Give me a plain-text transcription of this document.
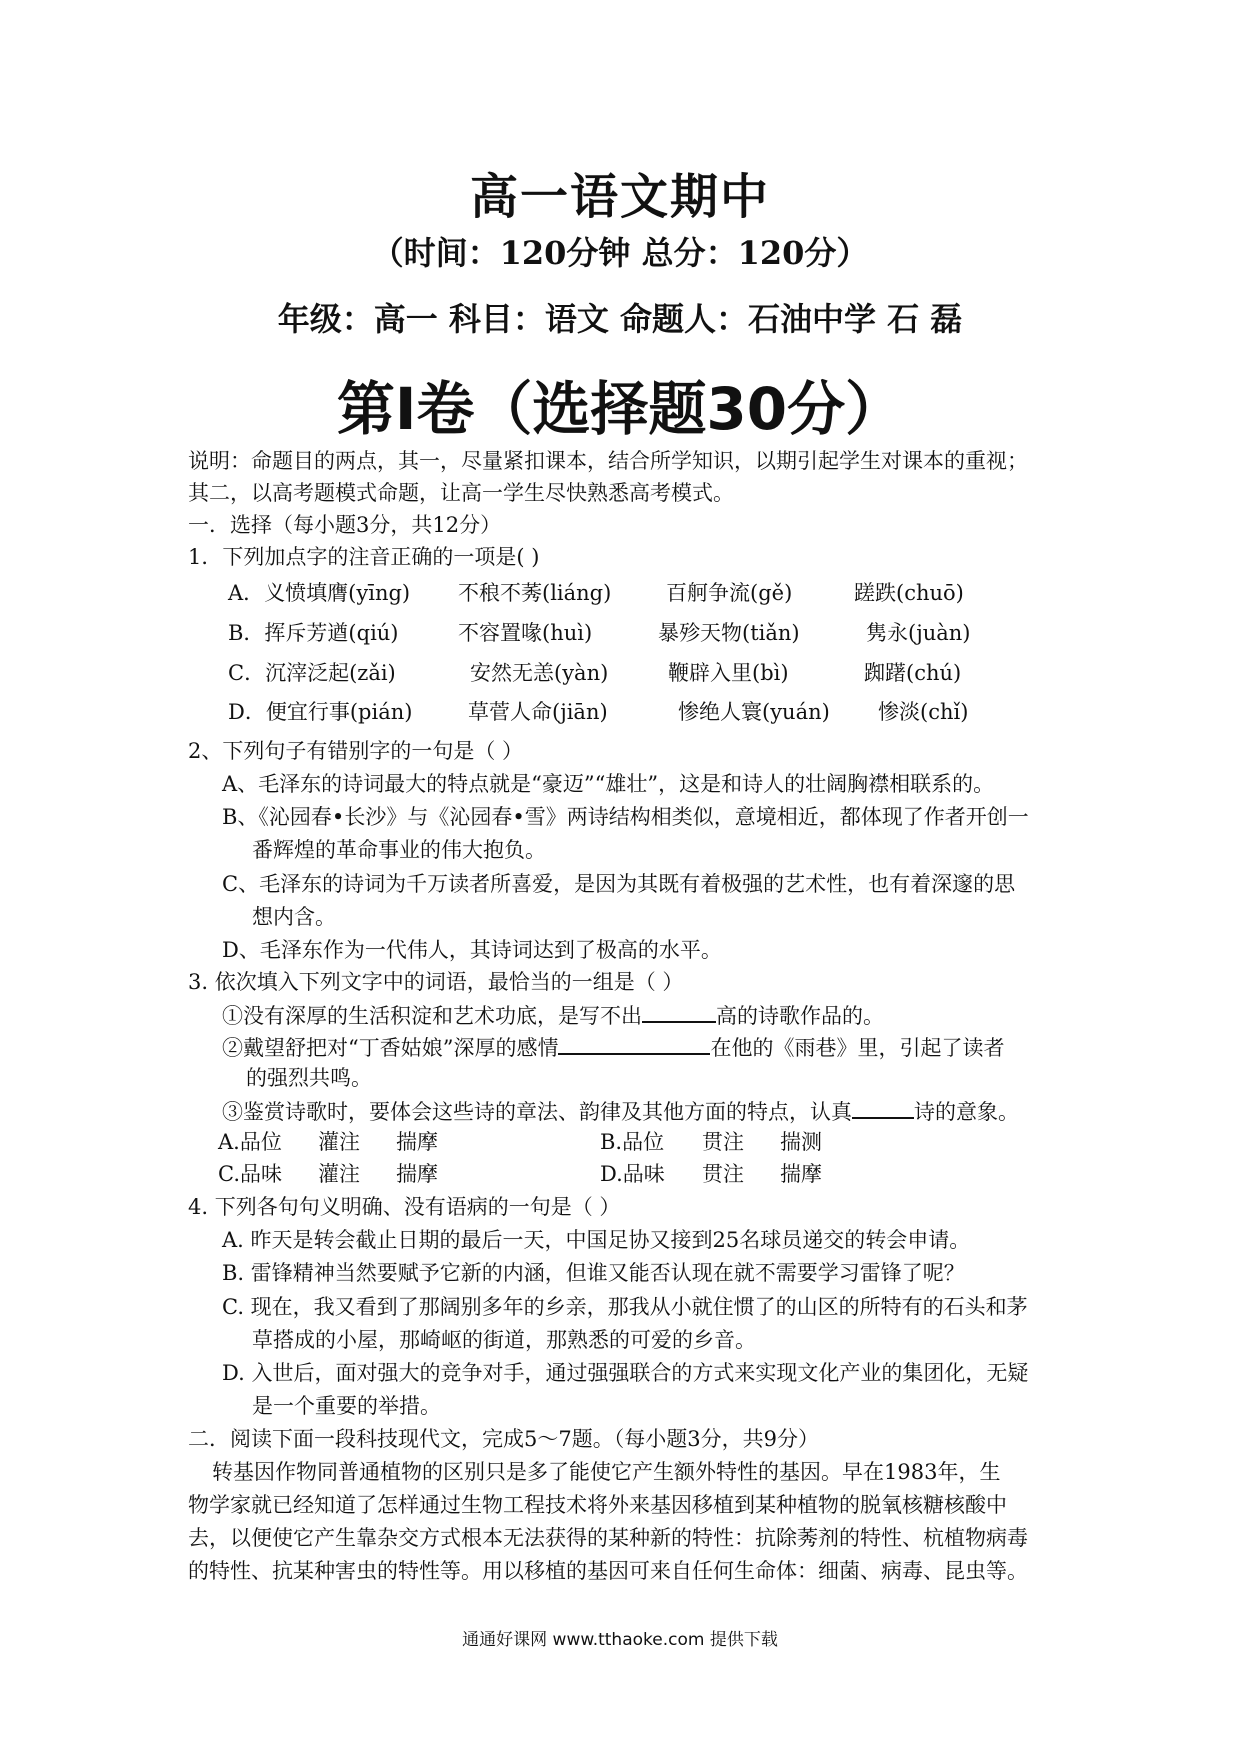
高一语文期中
（时间：120分钟 总分：120分）
年级：高一 科目：语文 命题人：石油中学 石 磊
第Ⅰ卷（选择题30分）
说明：命题目的两点，其一，尽量紧扣课本，结合所学知识，以期引起学生对课本的重视；
其二，以高考题模式命题，让高一学生尽快熟悉高考模式。
一．选择（每小题3分，共12分）
1．下列加点字的注音正确的一项是( )
A．义愤填膺(yīng) 不稂不莠(liáng)	百舸争流(gě)	蹉跌(chuō)
B．挥斥芳遒(qiú)	不容置喙(huì)	暴殄天物(tiǎn)	隽永(juàn)
C．沉滓泛起(zǎi)	安然无恙(yàn)	鞭辟入里(bì)	踟躇(chú)
D．便宜行事(pián)	草菅人命(jiān)	惨绝人寰(yuán) 惨淡(chǐ)
2、下列句子有错别字的一句是（ ）
A、毛泽东的诗词最大的特点就是“豪迈”“雄壮”，这是和诗人的壮阔胸襟相联系的。
B、《沁园春•长沙》与《沁园春•雪》两诗结构相类似，意境相近，都体现了作者开创一
番辉煌的革命事业的伟大抱负。
C、毛泽东的诗词为千万读者所喜爱，是因为其既有着极强的艺术性，也有着深邃的思
想内含。
D、毛泽东作为一代伟人，其诗词达到了极高的水平。
3. 依次填入下列文字中的词语，最恰当的一组是（ ）
①没有深厚的生活积淀和艺术功底，是写不出	高的诗歌作品的。
②戴望舒把对“丁香姑娘”深厚的感情	在他的《雨巷》里，引起了读者
的强烈共鸣。
③鉴赏诗歌时，要体会这些诗的章法、韵律及其他方面的特点，认真	诗的意象。
A.品位 灌注 揣摩	B.品位 贯注 揣测
C.品味 灌注 揣摩	D.品味 贯注 揣摩
4. 下列各句句义明确、没有语病的一句是（ ）
A. 昨天是转会截止日期的最后一天，中国足协又接到25名球员递交的转会申请。
B. 雷锋精神当然要赋予它新的内涵，但谁又能否认现在就不需要学习雷锋了呢？
C. 现在，我又看到了那阔别多年的乡亲，那我从小就住惯了的山区的所特有的石头和茅
草搭成的小屋，那崎岖的街道，那熟悉的可爱的乡音。
D. 入世后，面对强大的竞争对手，通过强强联合的方式来实现文化产业的集团化，无疑
是一个重要的举措。
二．阅读下面一段科技现代文，完成5～7题。（每小题3分，共9分）
转基因作物同普通植物的区别只是多了能使它产生额外特性的基因。早在1983年，生
物学家就已经知道了怎样通过生物工程技术将外来基因移植到某种植物的脱氧核糖核酸中
去，以便使它产生靠杂交方式根本无法获得的某种新的特性：抗除莠剂的特性、杭植物病毒
的特性、抗某种害虫的特性等。用以移植的基因可来自任何生命体：细菌、病毒、昆虫等。
通通好课网 www.tthaoke.com 提供下载
